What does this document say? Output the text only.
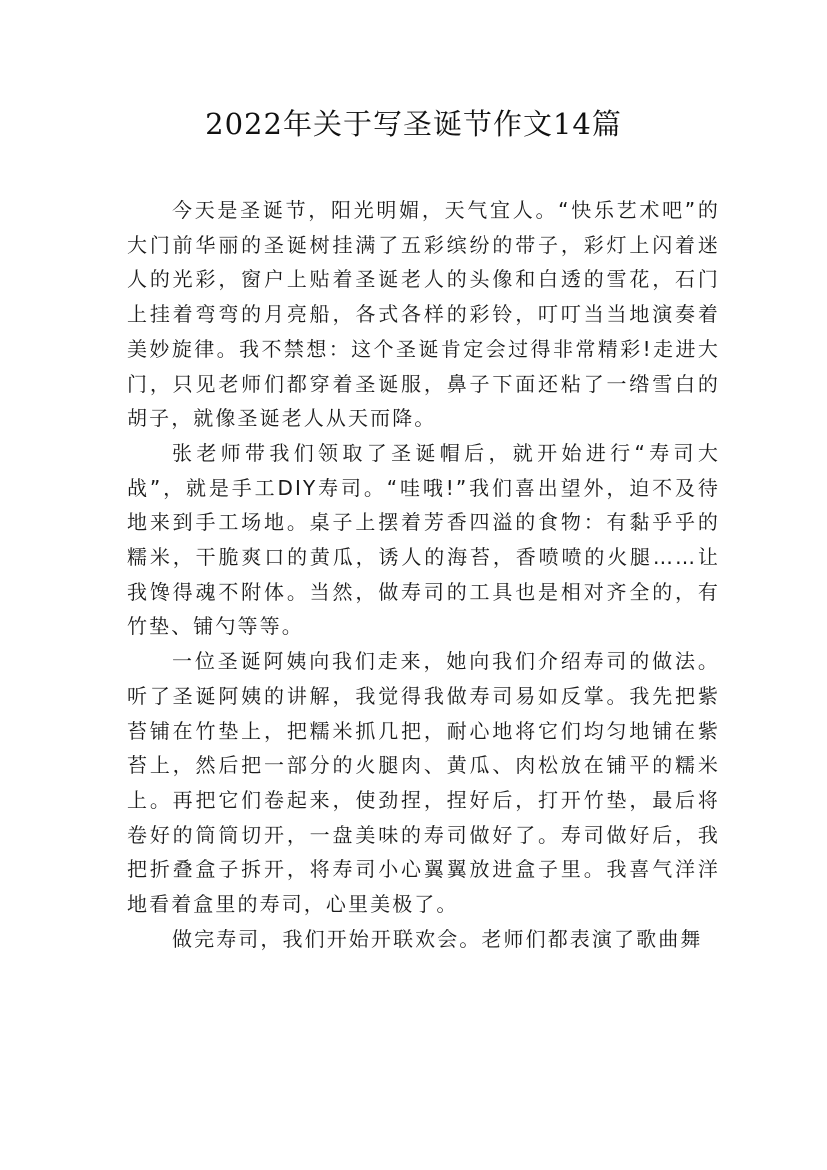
2022年关于写圣诞节作文14篇

今天是圣诞节，阳光明媚，天气宜人。“快乐艺术吧”的大门前华丽的圣诞树挂满了五彩缤纷的带子，彩灯上闪着迷人的光彩，窗户上贴着圣诞老人的头像和白透的雪花，石门上挂着弯弯的月亮船，各式各样的彩铃，叮叮当当地演奏着美妙旋律。我不禁想：这个圣诞肯定会过得非常精彩!走进大门，只见老师们都穿着圣诞服，鼻子下面还粘了一绺雪白的胡子，就像圣诞老人从天而降。

张老师带我们领取了圣诞帽后，就开始进行“寿司大战”，就是手工DIY寿司。“哇哦!”我们喜出望外，迫不及待地来到手工场地。桌子上摆着芳香四溢的食物：有黏乎乎的糯米，干脆爽口的黄瓜，诱人的海苔，香喷喷的火腿……让我馋得魂不附体。当然，做寿司的工具也是相对齐全的，有竹垫、铺勺等等。

一位圣诞阿姨向我们走来，她向我们介绍寿司的做法。听了圣诞阿姨的讲解，我觉得我做寿司易如反掌。我先把紫苔铺在竹垫上，把糯米抓几把，耐心地将它们均匀地铺在紫苔上，然后把一部分的火腿肉、黄瓜、肉松放在铺平的糯米上。再把它们卷起来，使劲捏，捏好后，打开竹垫，最后将卷好的筒筒切开，一盘美味的寿司做好了。寿司做好后，我把折叠盒子拆开，将寿司小心翼翼放进盒子里。我喜气洋洋地看着盒里的寿司，心里美极了。

做完寿司，我们开始开联欢会。老师们都表演了歌曲舞
